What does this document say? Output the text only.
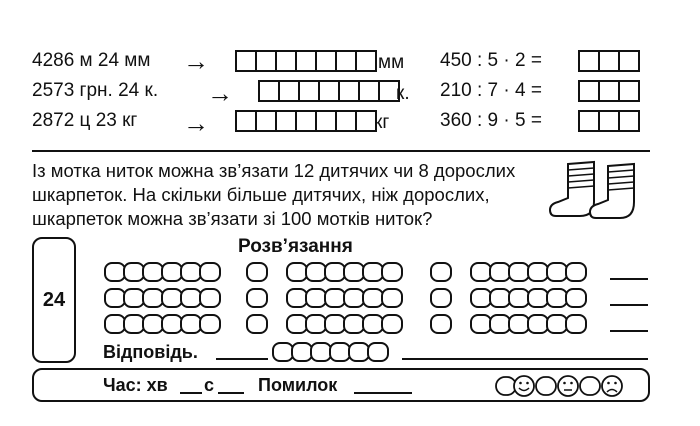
4286 м 24 мм →	мм
2573 грн. 24 к. →	к.
2872 ц 23 кг →	кг
450 : 5 · 2 =
210 : 7 · 4 =
360 : 9 · 5 =
Із мотка ниток можна зв’язати 12 дитячих чи 8 дорослих
шкарпеток. На скільки більше дитячих, ніж дорослих,
шкарпеток можна зв’язати зі 100 мотків ниток?
24
Розв’язання
Відповідь.
Час: хв с Помилок
